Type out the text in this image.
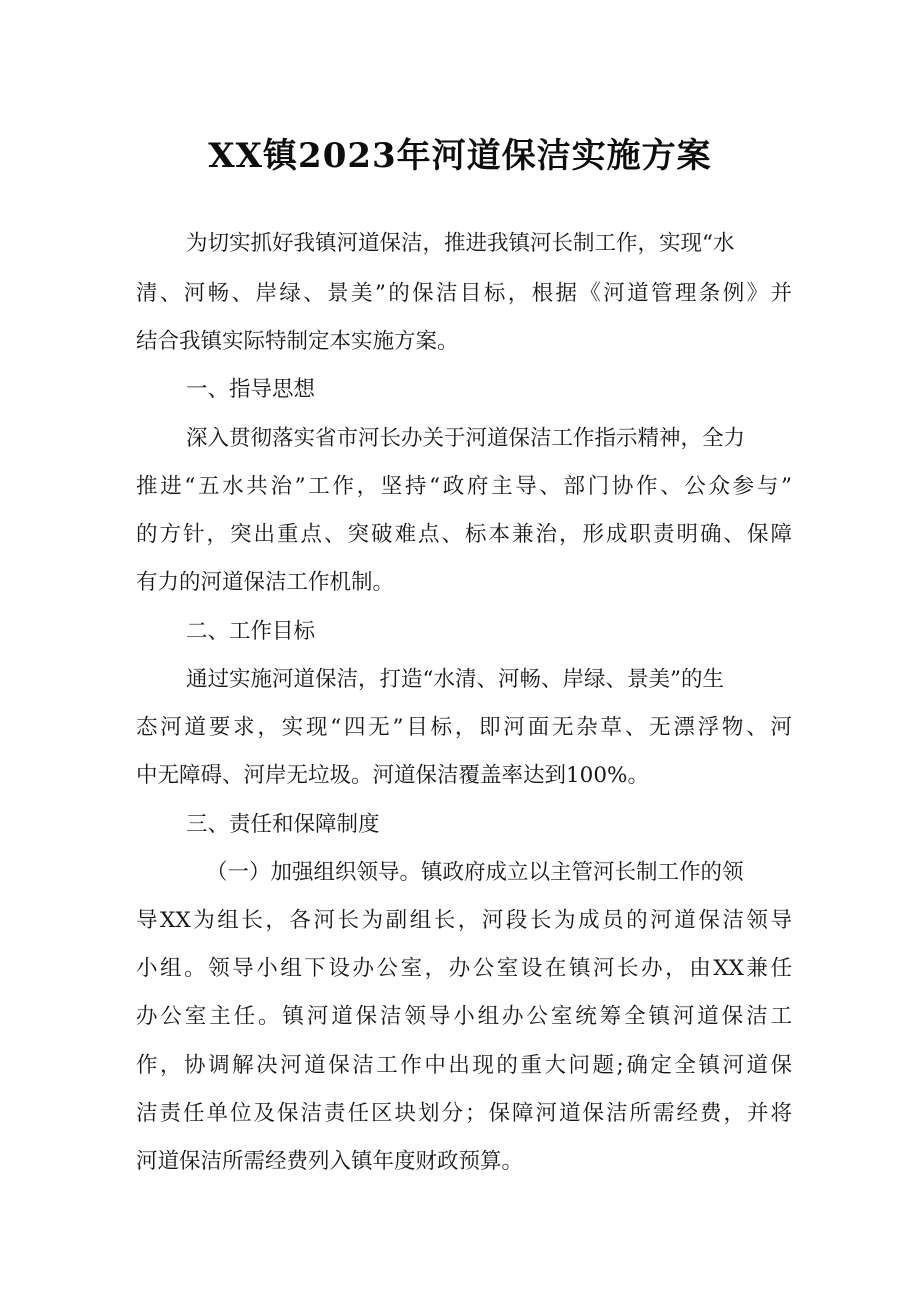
XX镇2023年河道保洁实施方案
为切实抓好我镇河道保洁，推进我镇河长制工作，实现“水
清、河畅、岸绿、景美”的保洁目标，根据《河道管理条例》并
结合我镇实际特制定本实施方案。
一、指导思想
深入贯彻落实省市河长办关于河道保洁工作指示精神，全力
推进“五水共治”工作，坚持“政府主导、部门协作、公众参与”
的方针，突出重点、突破难点、标本兼治，形成职责明确、保障
有力的河道保洁工作机制。
二、工作目标
通过实施河道保洁，打造“水清、河畅、岸绿、景美”的生
态河道要求，实现“四无”目标，即河面无杂草、无漂浮物、河
中无障碍、河岸无垃圾。河道保洁覆盖率达到100%。
三、责任和保障制度
（一）加强组织领导。镇政府成立以主管河长制工作的领
导XX为组长，各河长为副组长，河段长为成员的河道保洁领导
小组。领导小组下设办公室，办公室设在镇河长办，由XX兼任
办公室主任。镇河道保洁领导小组办公室统筹全镇河道保洁工
作，协调解决河道保洁工作中出现的重大问题;确定全镇河道保
洁责任单位及保洁责任区块划分；保障河道保洁所需经费，并将
河道保洁所需经费列入镇年度财政预算。
